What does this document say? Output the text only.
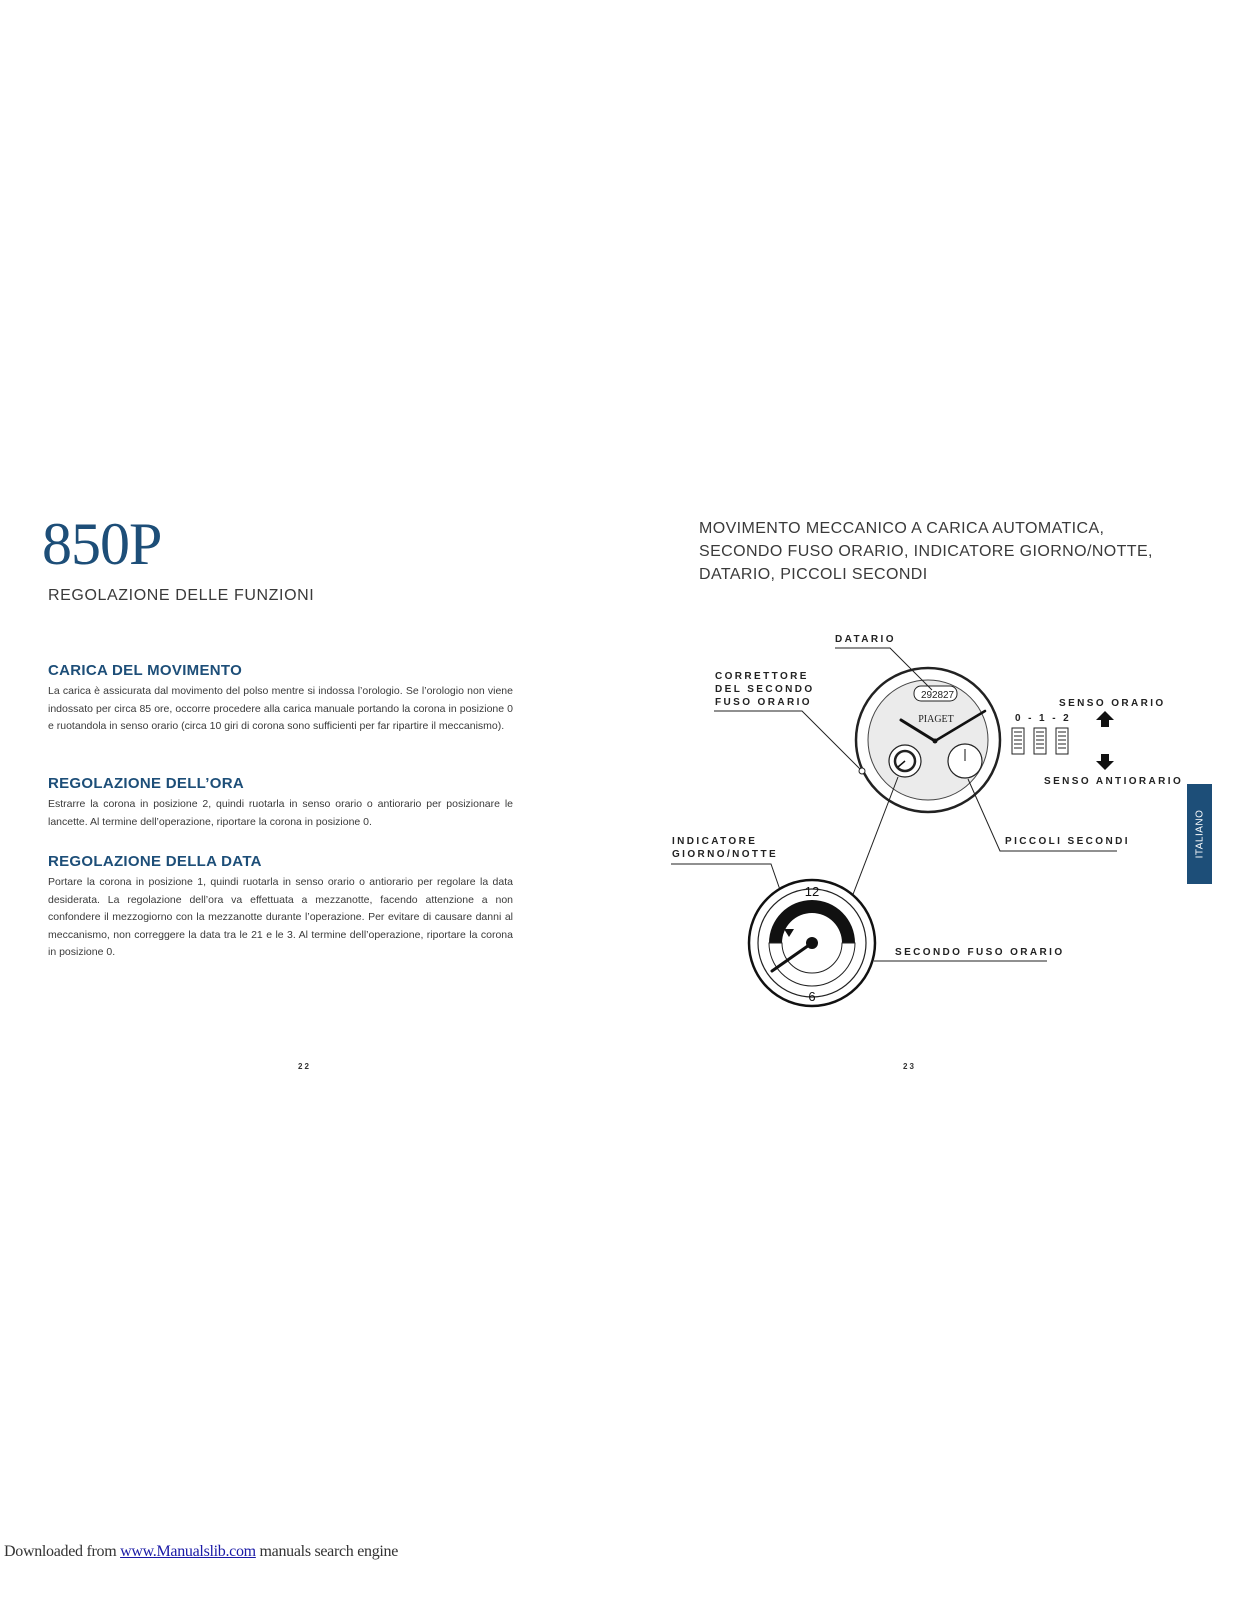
850P
REGOLAZIONE DELLE FUNZIONI
CARICA DEL MOVIMENTO

La carica è assicurata dal movimento del polso mentre si indossa l’orologio. Se l’orologio non viene indossato per circa 85 ore, occorre procedere alla carica manuale portando la corona in posizione 0 e ruotandola in senso orario (circa 10 giri di corona sono sufficienti per far ripartire il meccanismo).

REGOLAZIONE DELL’ORA

Estrarre la corona in posizione 2, quindi ruotarla in senso orario o antiorario per posizionare le lancette. Al termine dell’operazione, riportare la corona in posizione 0.

REGOLAZIONE DELLA DATA

Portare la corona in posizione 1, quindi ruotarla in senso orario o antiorario per regolare la data desiderata. La regolazione dell’ora va effettuata a mezzanotte, facendo attenzione a non confondere il mezzogiorno con la mezzanotte durante l’operazione. Per evitare di causare danni al meccanismo, non correggere la data tra le 21 e le 3. Al termine dell’operazione, riportare la corona in posizione 0.

22
MOVIMENTO MECCANICO A CARICA AUTOMATICA,
SECONDO FUSO ORARIO, INDICATORE GIORNO/NOTTE,
DATARIO, PICCOLI SECONDI
29 28 27
PIAGET	0 - 1 - 2
SENSO ORARIO
SENSO ANTIORARIO
DATARIO
CORRETTORE
DEL SECONDO
FUSO ORARIO
PICCOLI SECONDI
INDICATORE
GIORNO/NOTTE
12
6
SECONDO FUSO ORARIO
23
ITALIANO
Downloaded from www.Manualslib.com manuals search engine
